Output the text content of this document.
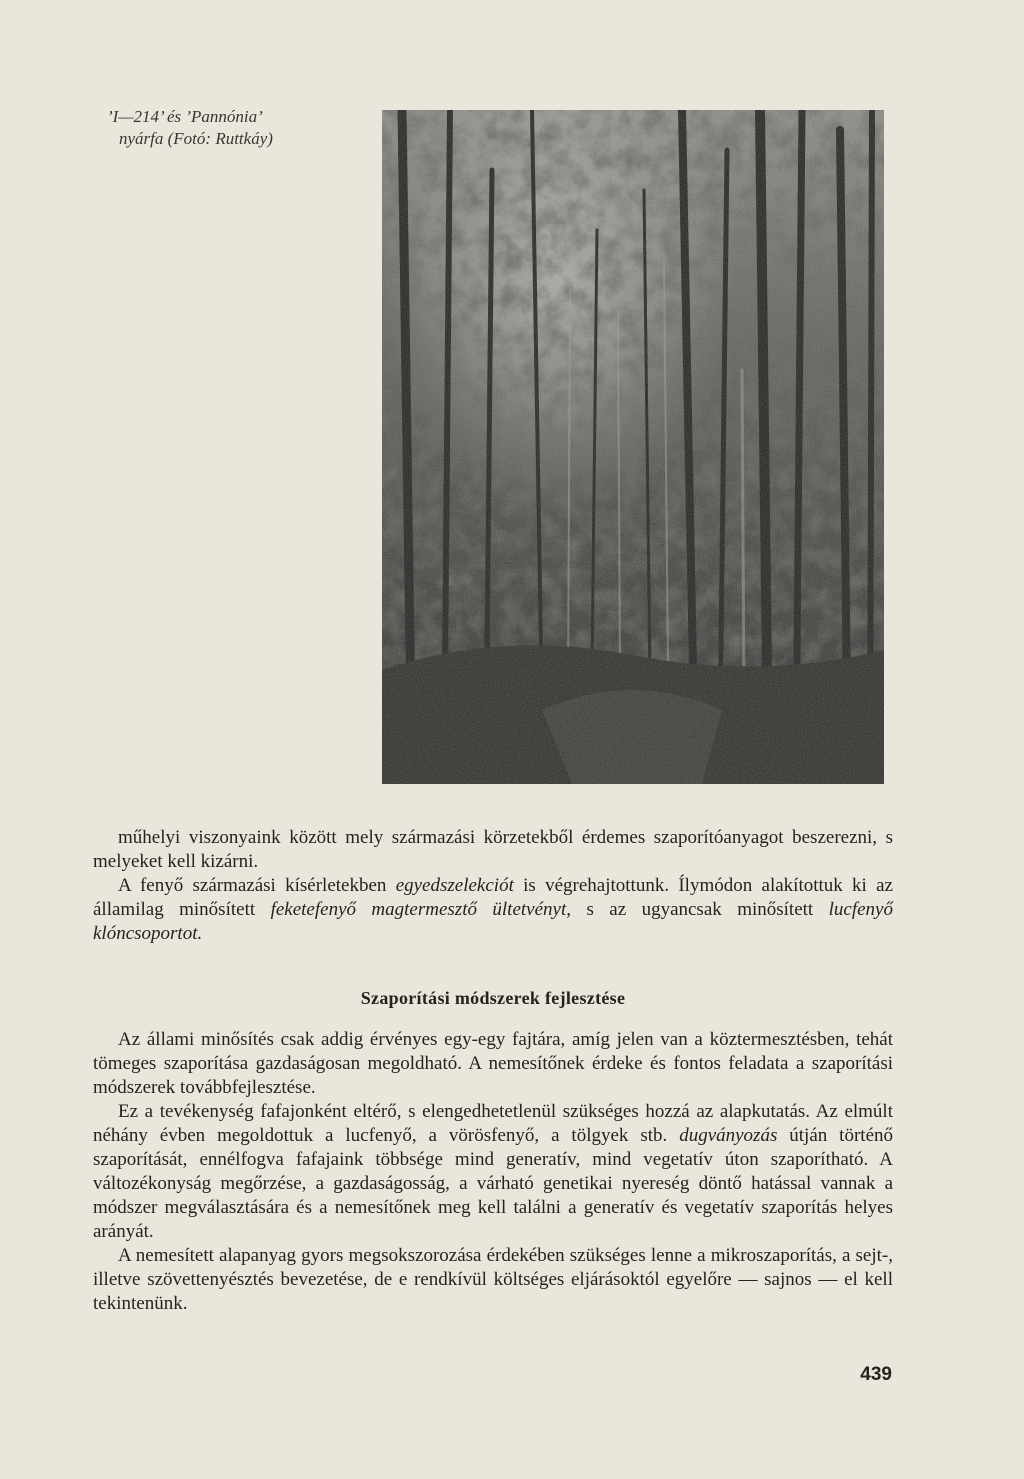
’I—214’ és ’Pannónia’
nyárfa (Fotó: Ruttkáy)

műhelyi viszonyaink között mely származási körzetekből érdemes szaporítóanyagot beszerezni, s melyeket kell kizárni.

A fenyő származási kísérletekben egyedszelekciót is végrehajtottunk. Ílymódon alakítottuk ki az államilag minősített feketefenyő magtermesztő ültetvényt, s az ugyancsak minősített lucfenyő klóncsoportot.

Szaporítási módszerek fejlesztése

Az állami minősítés csak addig érvényes egy-egy fajtára, amíg jelen van a köztermesztésben, tehát tömeges szaporítása gazdaságosan megoldható. A nemesítőnek érdeke és fontos feladata a szaporítási módszerek továbbfejlesztése.

Ez a tevékenység fafajonként eltérő, s elengedhetetlenül szükséges hozzá az alapkutatás. Az elmúlt néhány évben megoldottuk a lucfenyő, a vörösfenyő, a tölgyek stb. dugványozás útján történő szaporítását, ennélfogva fafajaink többsége mind generatív, mind vegetatív úton szaporítható. A változékonyság megőrzése, a gazdaságosság, a várható genetikai nyereség döntő hatással vannak a módszer megválasztására és a nemesítőnek meg kell találni a generatív és vegetatív szaporítás helyes arányát.

A nemesített alapanyag gyors megsokszorozása érdekében szükséges lenne a mikroszaporítás, a sejt-, illetve szövettenyésztés bevezetése, de e rendkívül költséges eljárásoktól egyelőre — sajnos — el kell tekintenünk.

439
